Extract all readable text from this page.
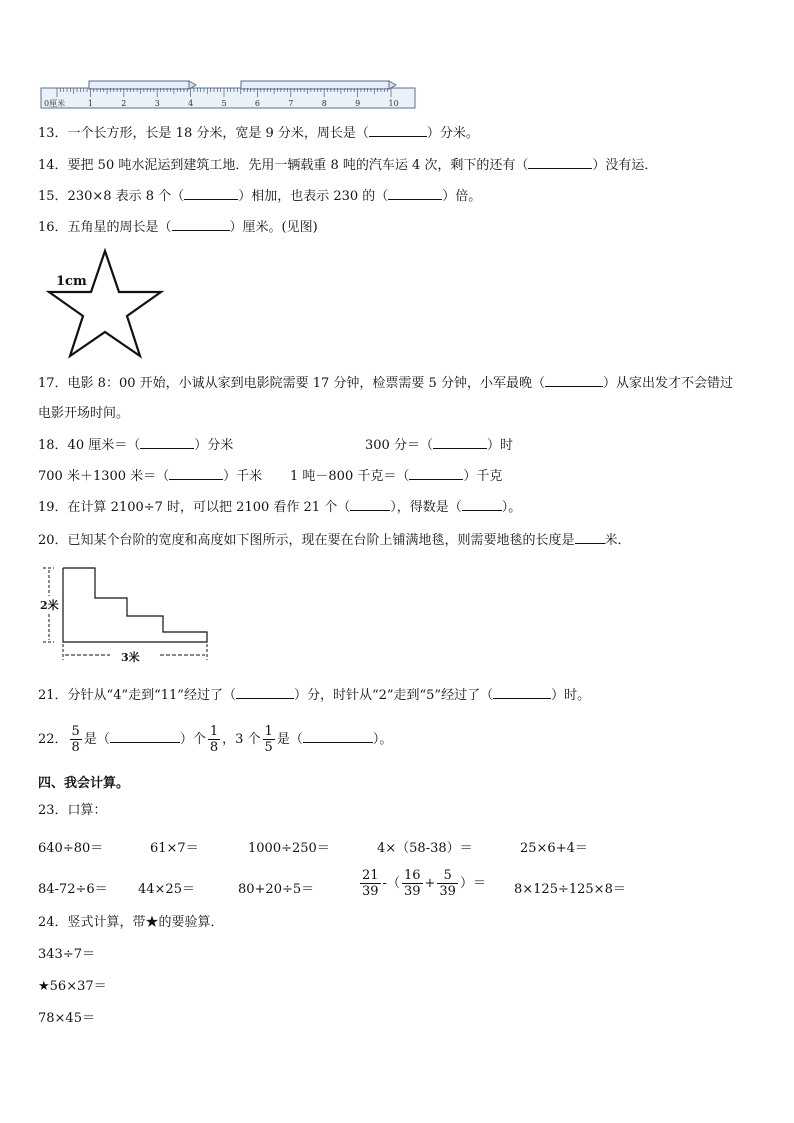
0厘米	1	2	3	4	5	6	7	8	9	10
13．一个长方形，长是 18 分米，宽是 9 分米，周长是（	）分米。
14．要把 50 吨水泥运到建筑工地．先用一辆载重 8 吨的汽车运 4 次，剩下的还有（	）没有运．
15．230×8 表示 8 个（	）相加，也表示 230 的（	）倍。
16．五角星的周长是（	）厘米。(见图)
1cm
17．电影 8：00 开始，小诚从家到电影院需要 17 分钟，检票需要 5 分钟，小军最晚（	）从家出发才不会错过
电影开场时间。
18．40 厘米＝（	）分米	300 分＝（	）时
700 米＋1300 米＝（	）千米 1 吨－800 千克＝（	）千克
19．在计算 2100÷7 时，可以把 2100 看作 21 个（	），得数是（	）。
20．已知某个台阶的宽度和高度如下图所示，现在要在台阶上铺满地毯，则需要地毯的长度是 米．
2米
3米
21．分针从“4”走到“11”经过了（	）分，时针从“2”走到“5”经过了（	）时。
22． $\frac{5}{8}$ 是（	）个 $\frac{1}{8}$ ，3 个 $\frac{1}{5}$ 是（	）。
四、我会计算。
23．口算：
640÷80＝	61×7＝	1000÷250＝	4×（58-38）＝	25×6+4＝
84-72÷6＝ 44×25＝	80+20÷5＝	$\frac{21}{39}$ -（ $\frac{16}{39} + \frac{5}{39}$ ）＝ 8×125÷125×8＝
24．竖式计算，带★的要验算．
343÷7＝
★56×37＝
78×45＝
